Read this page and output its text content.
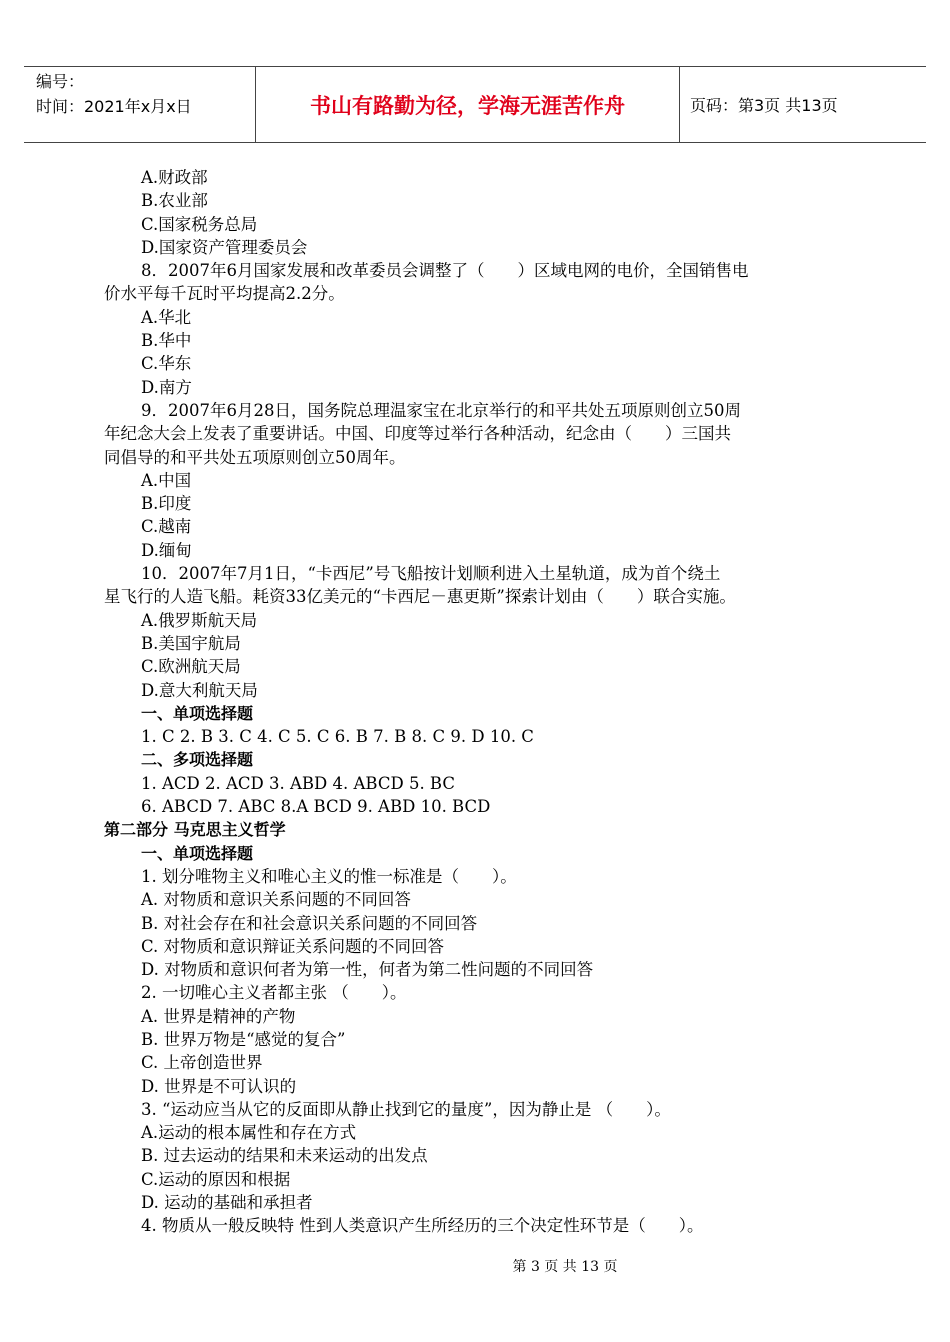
编号：
时间：2021年x月x日	书山有路勤为径，学海无涯苦作舟	页码：第3页 共13页
A.财政部
B.农业部
C.国家税务总局
D.国家资产管理委员会
8．2007年6月国家发展和改革委员会调整了（　　）区域电网的电价，全国销售电
价水平每千瓦时平均提高2.2分。
A.华北
B.华中
C.华东
D.南方
9．2007年6月28日，国务院总理温家宝在北京举行的和平共处五项原则创立50周
年纪念大会上发表了重要讲话。中国、印度等过举行各种活动，纪念由（　　）三国共
同倡导的和平共处五项原则创立50周年。
A.中国
B.印度
C.越南
D.缅甸
10．2007年7月1日，“卡西尼”号飞船按计划顺利进入土星轨道，成为首个绕土
星飞行的人造飞船。耗资33亿美元的“卡西尼－惠更斯”探索计划由（　　）联合实施。
A.俄罗斯航天局
B.美国宇航局
C.欧洲航天局
D.意大利航天局
一、单项选择题
1. C 2. B 3. C 4. C 5. C 6. B 7. B 8. C 9. D 10. C
二、多项选择题
1. ACD 2. ACD 3. ABD 4. ABCD 5. BC
6. ABCD 7. ABC 8.A BCD 9. ABD 10. BCD
第二部分 马克思主义哲学
一、单项选择题
1. 划分唯物主义和唯心主义的惟一标准是（　　）。
A. 对物质和意识关系问题的不同回答
B. 对社会存在和社会意识关系问题的不同回答
C. 对物质和意识辩证关系问题的不同回答
D. 对物质和意识何者为第一性，何者为第二性问题的不同回答
2. 一切唯心主义者都主张 （　　）。
A. 世界是精神的产物
B. 世界万物是“感觉的复合”
C. 上帝创造世界
D. 世界是不可认识的
3. “运动应当从它的反面即从静止找到它的量度”，因为静止是 （　　）。
A.运动的根本属性和存在方式
B. 过去运动的结果和未来运动的出发点
C.运动的原因和根据
D. 运动的基础和承担者
4. 物质从一般反映特 性到人类意识产生所经历的三个决定性环节是（　　）。
第 3 页 共 13 页
